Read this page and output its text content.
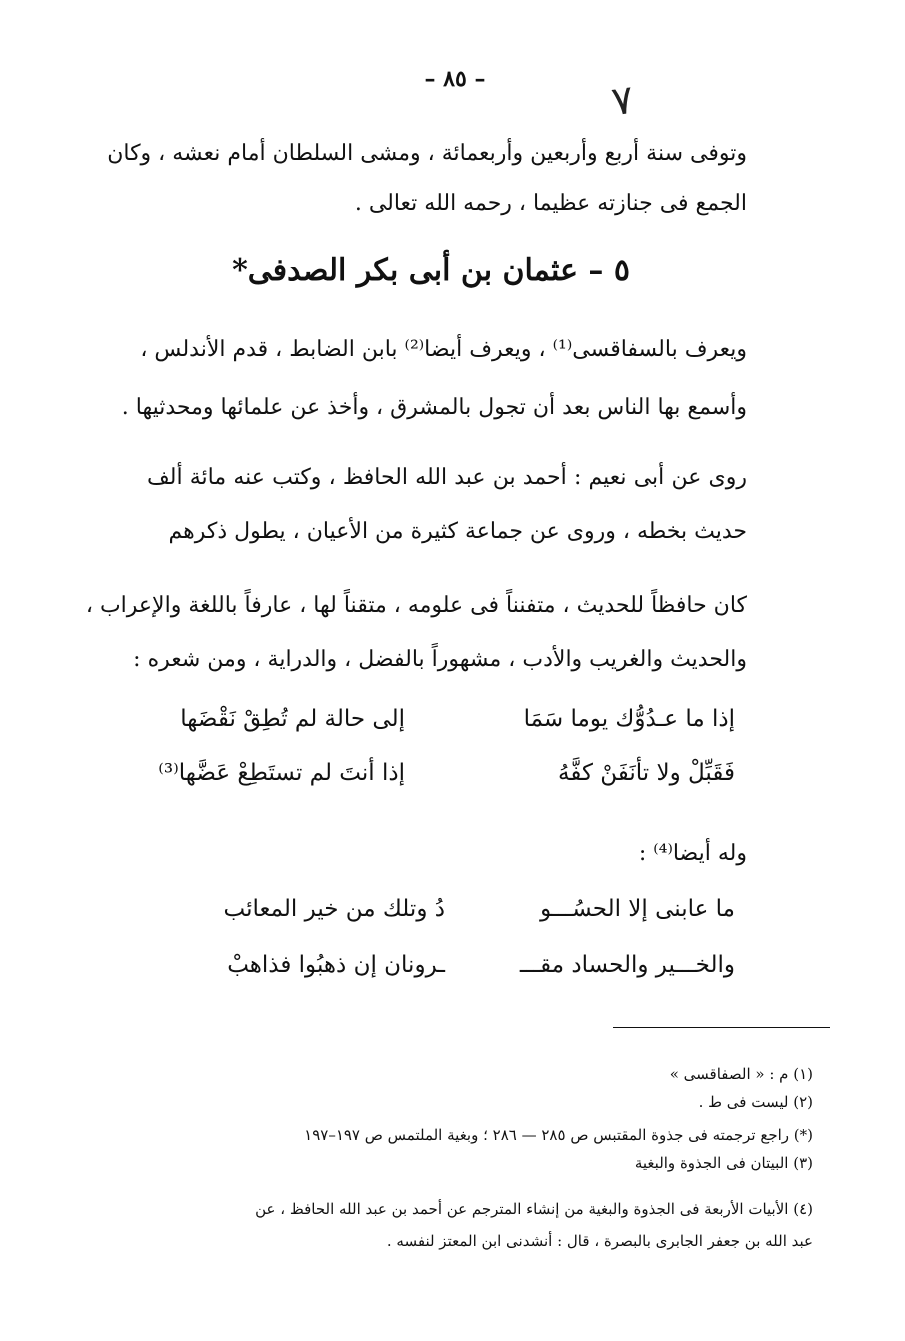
– ٨٥ –	٧
وتوفى سنة أربع وأربعين وأربعمائة ، ومشى السلطان أمام نعشه ، وكان
الجمع فى جنازته عظيما ، رحمه الله تعالى .
٥ – عثمان بن أبى بكر الصدفى*
ويعرف بالسفاقسى⁽¹⁾ ، ويعرف أيضا⁽²⁾ بابن الضابط ، قدم الأندلس ،
وأسمع بها الناس بعد أن تجول بالمشرق ، وأخذ عن علمائها ومحدثيها .
روى عن أبى نعيم : أحمد بن عبد الله الحافظ ، وكتب عنه مائة ألف
حديث بخطه ، وروى عن جماعة كثيرة من الأعيان ، يطول ذكرهم
كان حافظاً للحديث ، متفنناً فى علومه ، متقناً لها ، عارفاً باللغة والإعراب ،
والحديث والغريب والأدب ، مشهوراً بالفضل ، والدراية ، ومن شعره :
إذا ما عـدُوُّك يوما سَمَا
إلى حالة لم تُطِقْ نَقْضَها
فَقَبِّلْ ولا تأنَفَنْ كفَّهُ
إذا أنتَ لم تستَطِعْ عَضَّها⁽³⁾
وله أيضا⁽⁴⁾ :
ما عابنى إلا الحسُـــو
دُ وتلك من خير المعائب
والخـــير والحساد مقـــ
ـرونان إن ذهبُوا فذاهبْ
(١) م : « الصفاقسى »
(٢) ليست فى ط .
(*) راجع ترجمته فى جذوة المقتبس ص ٢٨٥ — ٢٨٦ ؛ وبغية الملتمس ص ١٩٧–١٩٧
(٣) البيتان فى الجذوة والبغية
(٤) الأبيات الأربعة فى الجذوة والبغية من إنشاء المترجم عن أحمد بن عبد الله الحافظ ، عن
عبد الله بن جعفر الجابرى بالبصرة ، قال : أنشدنى ابن المعتز لنفسه .
